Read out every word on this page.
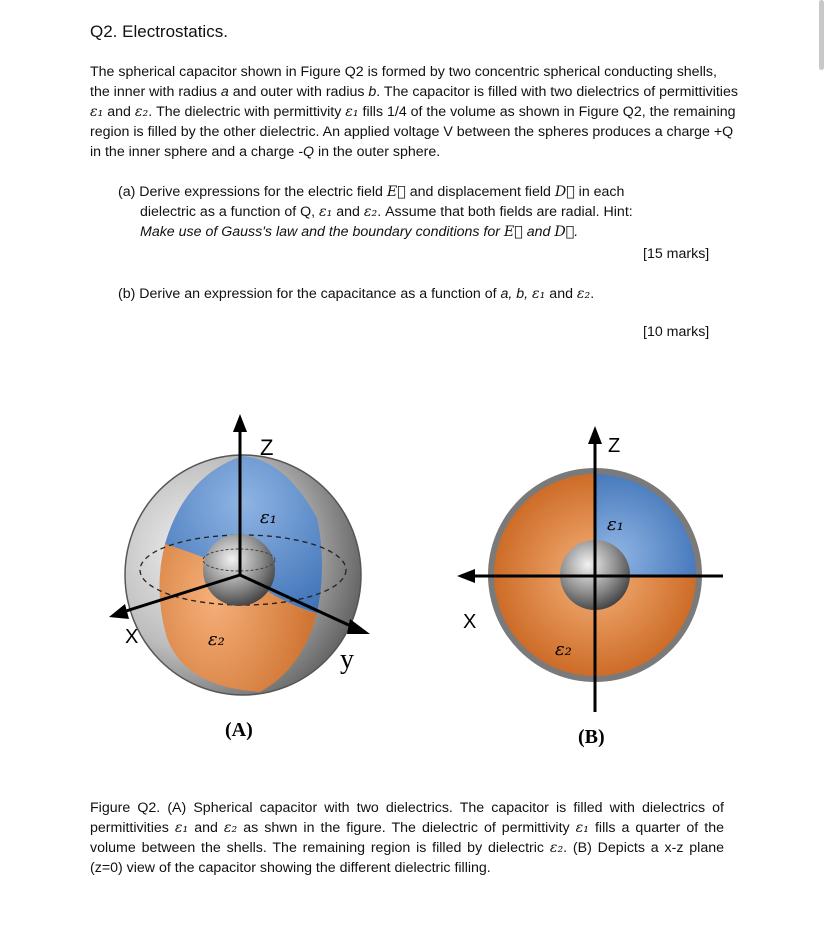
Q2. Electrostatics.
The spherical capacitor shown in Figure Q2 is formed by two concentric spherical conducting shells, the inner with radius a and outer with radius b. The capacitor is filled with two dielectrics of permittivities ε₁ and ε₂. The dielectric with permittivity ε₁ fills 1/4 of the volume as shown in Figure Q2, the remaining region is filled by the other dielectric. An applied voltage V between the spheres produces a charge +Q in the inner sphere and a charge -Q in the outer sphere.
(a) Derive expressions for the electric field E⃗ and displacement field D⃗ in each
dielectric as a function of Q, ε₁ and ε₂. Assume that both fields are radial. Hint:
Make use of Gauss's law and the boundary conditions for E⃗ and D⃗.
[15 marks]
(b) Derive an expression for the capacitance as a function of a, b, ε₁ and ε₂.
[10 marks]
Z
X
y
ε₁
ε₂
(A)
Z
X
ε₁
ε₂
(B)
Figure Q2. (A) Spherical capacitor with two dielectrics. The capacitor is filled with dielectrics of permittivities ε₁ and ε₂ as shwn in the figure. The dielectric of permittivity ε₁ fills a quarter of the volume between the shells. The remaining region is filled by dielectric ε₂. (B) Depicts a x-z plane (z=0) view of the capacitor showing the different dielectric filling.
